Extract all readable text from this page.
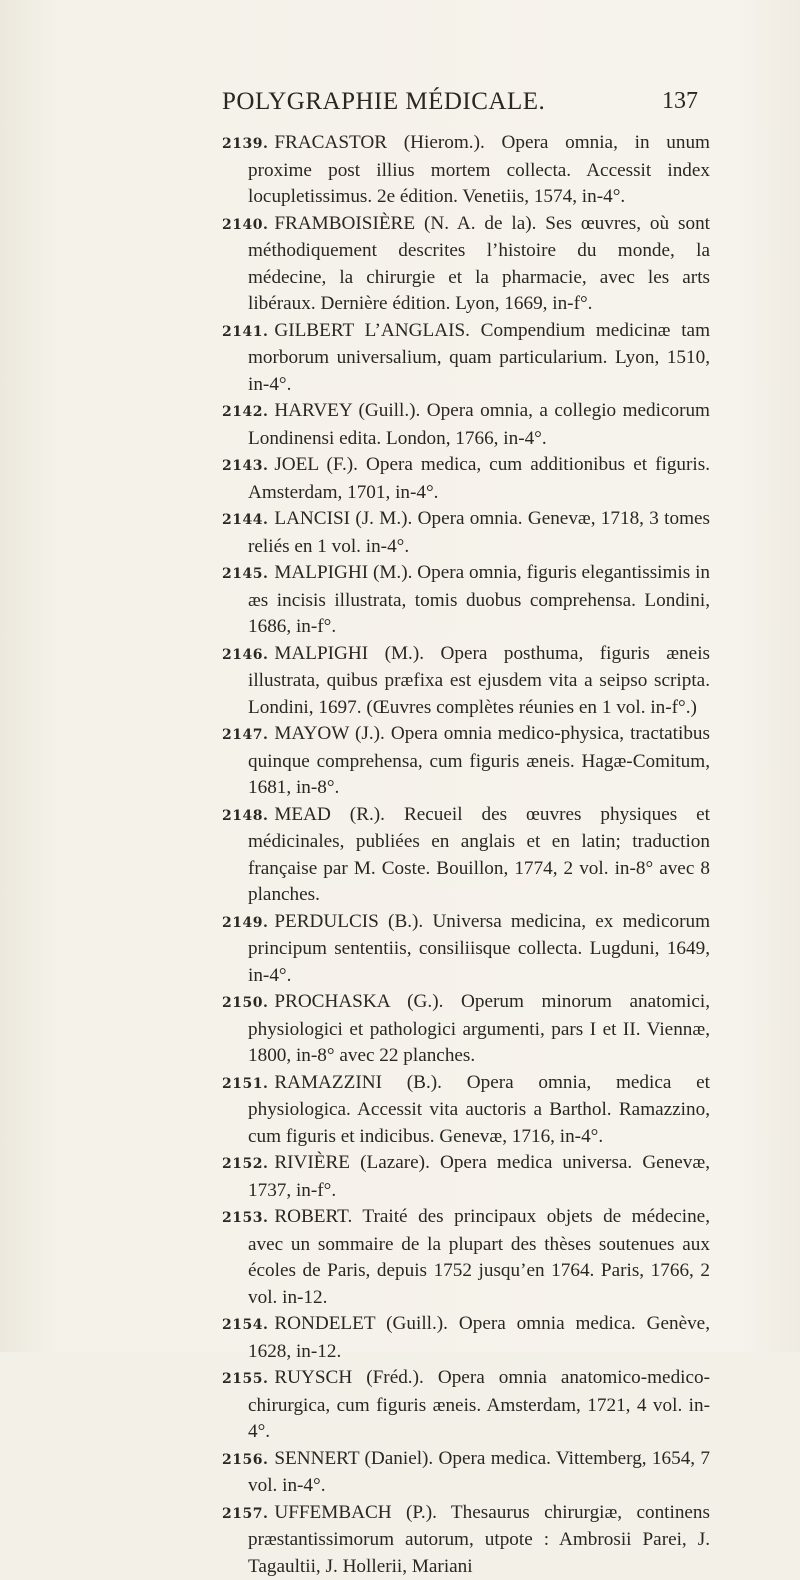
POLYGRAPHIE MÉDICALE.	137

2139. FRACASTOR (Hierom.). Opera omnia, in unum proxime post illius mortem collecta. Accessit index locupletissimus. 2e édition. Venetiis, 1574, in-4°.

2140. FRAMBOISIÈRE (N. A. de la). Ses œuvres, où sont méthodiquement descrites l’histoire du monde, la médecine, la chirurgie et la pharmacie, avec les arts libéraux. Dernière édition. Lyon, 1669, in-f°.

2141. GILBERT L’ANGLAIS. Compendium medicinæ tam morborum universalium, quam particularium. Lyon, 1510, in-4°.

2142. HARVEY (Guill.). Opera omnia, a collegio medicorum Londinensi edita. London, 1766, in-4°.

2143. JOEL (F.). Opera medica, cum additionibus et figuris. Amsterdam, 1701, in-4°.

2144. LANCISI (J. M.). Opera omnia. Genevæ, 1718, 3 tomes reliés en 1 vol. in-4°.

2145. MALPIGHI (M.). Opera omnia, figuris elegantissimis in æs incisis illustrata, tomis duobus comprehensa. Londini, 1686, in-f°.

2146. MALPIGHI (M.). Opera posthuma, figuris æneis illustrata, quibus præfixa est ejusdem vita a seipso scripta. Londini, 1697. (Œuvres complètes réunies en 1 vol. in-f°.)

2147. MAYOW (J.). Opera omnia medico-physica, tractatibus quinque comprehensa, cum figuris æneis. Hagæ-Comitum, 1681, in-8°.

2148. MEAD (R.). Recueil des œuvres physiques et médicinales, publiées en anglais et en latin; traduction française par M. Coste. Bouillon, 1774, 2 vol. in-8° avec 8 planches.

2149. PERDULCIS (B.). Universa medicina, ex medicorum principum sententiis, consiliisque collecta. Lugduni, 1649, in-4°.

2150. PROCHASKA (G.). Operum minorum anatomici, physiologici et pathologici argumenti, pars I et II. Viennæ, 1800, in-8° avec 22 planches.

2151. RAMAZZINI (B.). Opera omnia, medica et physiologica. Accessit vita auctoris a Barthol. Ramazzino, cum figuris et indicibus. Genevæ, 1716, in-4°.

2152. RIVIÈRE (Lazare). Opera medica universa. Genevæ, 1737, in-f°.

2153. ROBERT. Traité des principaux objets de médecine, avec un sommaire de la plupart des thèses soutenues aux écoles de Paris, depuis 1752 jusqu’en 1764. Paris, 1766, 2 vol. in-12.

2154. RONDELET (Guill.). Opera omnia medica. Genève, 1628, in-12.

2155. RUYSCH (Fréd.). Opera omnia anatomico-medico-chirurgica, cum figuris æneis. Amsterdam, 1721, 4 vol. in-4°.

2156. SENNERT (Daniel). Opera medica. Vittemberg, 1654, 7 vol. in-4°.

2157. UFFEMBACH (P.). Thesaurus chirurgiæ, continens præstantissimorum autorum, utpote : Ambrosii Parei, J. Tagaultii, J. Hollerii, Mariani
